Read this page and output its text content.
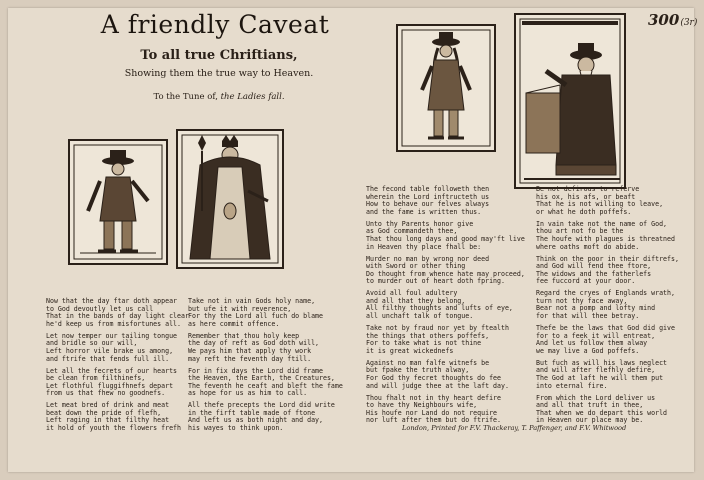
A friendly Caveat
To all true Chriftians,
Showing them the true way to Heaven.
To the Tune of, the Ladies fall.
300(3r)
Now that the day ftar doth appear
to God devoutly let us call
That in the bands of day light clear
he'd keep us from misfortunes all.
Let now temper our tailing tongue
and bridle so our will,
Left horror vile brake us among,
and ftrife that fends full ill.
Let all the fecrets of our hearts
be clean from filthinefs,
Let flothful fluggifhnefs depart
from us that fhew no goodnefs.
Let meat bred of drink and meat
beat down the pride of flefh,
Left raging in that filthy heat
it hold of youth the flowers frefh
Take not in vain Gods holy name,
but ufe it with reverence,
For thy the Lord all fuch do blame
as here commit offence.
Remember that thou holy keep
the day of reft as God doth will,
We pays him that apply thy work
may reft the feventh day ftill.
For in fix days the Lord did frame
the Heaven, the Earth, the Creatures,
The feventh he ceaft and bleft the fame
as hope for us as him to call.
All thefe precepts the Lord did write
in the firft table made of ftone
And left us as both night and day,
his wayes to think upon.
The fecond table followeth then
wherein the Lord inftructeth us
How to behave our felves always
and the fame is written thus.
Unto thy Parents honor give
as God commandeth thee,
That thou long days and good may'ft live
in Heaven thy place fhall be:
Murder no man by wrong nor deed
with Sword or other thing
Do thought from whence hate may proceed,
to murder out of heart doth fpring.
Avoid all foul adultery
and all that they belong,
All filthy thoughts and lufts of eye,
all unchaft talk of tongue.
Take not by fraud nor yet by ftealth
the things that others poffefs,
For to take what is not thine
it is great wickednefs
Against no man falfe witnefs be
but fpake the truth alway,
For God thy fecret thoughts do fee
and will judge thee at the laft day.
Thou fhalt not in thy heart defire
to have thy Neighbours wife,
His houfe nor Land do not require
nor luft after them but do ftrife.
Be not defirous to referve
his ox, his afs, or beaft
That he is not willing to leave,
or what he doth poffefs.
In vain take not the name of God,
thou art not fo be the
The houfe with plagues is threatned
where oaths moft do abide.
Think on the poor in their diftrefs,
and God will fend thee ftore,
The widows and the fatherlefs
fee fuccord at your door.
Regard the cryes of Englands wrath,
turn not thy face away,
Bear not a pomp and lofty mind
for that will thee betray.
Thefe be the laws that God did give
for to a feek it will entreat,
And let us follow them alway
we may live a God poffefs.
But fuch as will his laws neglect
and will after flefhly defire,
The God at laft he will them put
into eternal fire.
From which the Lord deliver us
and all that truft in thee,
That when we do depart this world
in Heaven our place may be.
London, Printed for F.V. Thackeray, T. Paffenger, and F.V. Whitwood
